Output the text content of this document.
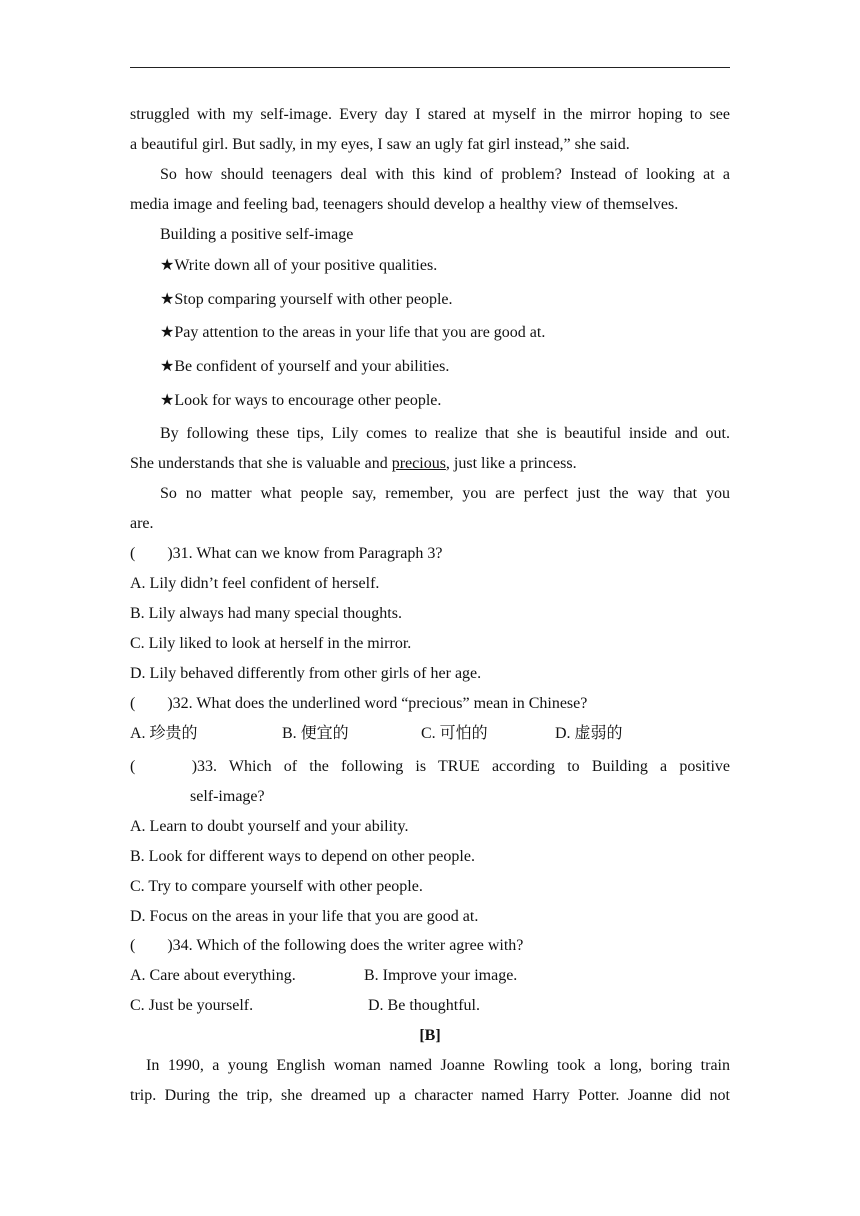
struggled with my self-image. Every day I stared at myself in the mirror hoping to see
a beautiful girl. But sadly, in my eyes, I saw an ugly fat girl instead,” she said.
So how should teenagers deal with this kind of problem? Instead of looking at a
media image and feeling bad, teenagers should develop a healthy view of themselves.
Building a positive self-image
★Write down all of your positive qualities.
★Stop comparing yourself with other people.
★Pay attention to the areas in your life that you are good at.
★Be confident of yourself and your abilities.
★Look for ways to encourage other people.
By following these tips, Lily comes to realize that she is beautiful inside and out.
She understands that she is valuable and precious, just like a princess.
So no matter what people say, remember, you are perfect just the way that you
are.
(　　)31. What can we know from Paragraph 3?
A. Lily didn’t feel confident of herself.
B. Lily always had many special thoughts.
C. Lily liked to look at herself in the mirror.
D. Lily behaved differently from other girls of her age.
(　　)32. What does the underlined word “precious” mean in Chinese?
A. 珍贵的	B. 便宜的	C. 可怕的	D. 虚弱的
(　　　)33.  Which  of  the  following  is  TRUE  according  to  Building  a  positive
self-image?
A. Learn to doubt yourself and your ability.
B. Look for different ways to depend on other people.
C. Try to compare yourself with other people.
D. Focus on the areas in your life that you are good at.
(　　)34. Which of the following does the writer agree with?
A. Care about everything.	B. Improve your image.
C. Just be yourself.	D. Be thoughtful.
[B]
In 1990, a young English woman named Joanne Rowling took a long, boring train
trip. During the trip, she dreamed up a character named Harry Potter. Joanne did not
